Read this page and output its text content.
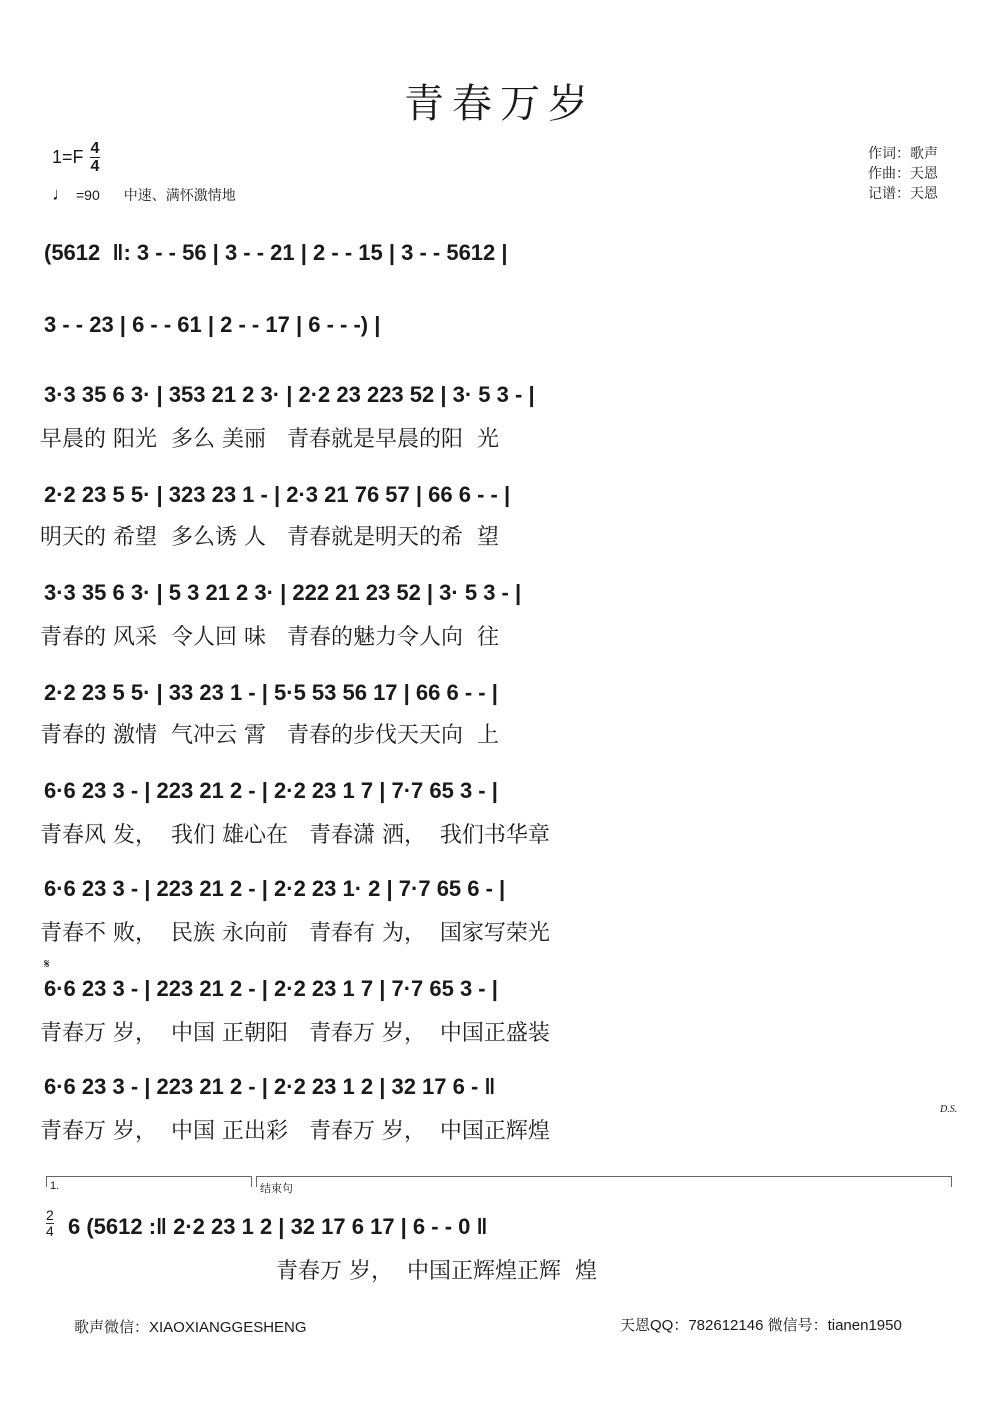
青春万岁
$1=F \frac{4}{4}$
♩ =90 中速、满怀激情地
作词：歌声
作曲：天恩
记谱：天恩
(5612  ‖: 3 - - 56 | 3 - - 21 | 2 - - 15 | 3 - - 5612 |
3 - - 23 | 6 - - 61 | 2 - - 17 | 6 - - -) |
3·3 35 6 3· | 353 21 2 3· | 2·2 23 223 52 | 3· 5 3 - |
早晨的 阳光  多么 美丽   青春就是早晨的阳  光
2·2 23 5 5· | 323 23 1 - | 2·3 21 76 57 | 66 6 - - |
明天的 希望  多么诱 人   青春就是明天的希  望
3·3 35 6 3· | 5 3 21 2 3· | 222 21 23 52 | 3· 5 3 - |
青春的 风采  令人回 味   青春的魅力令人向  往
2·2 23 5 5· | 33 23 1 - | 5·5 53 56 17 | 66 6 - - |
青春的 激情  气冲云 霄   青春的步伐天天向  上
6·6 23 3 - | 223 21 2 - | 2·2 23 1 7 | 7·7 65 3 - |
青春风 发，  我们 雄心在   青春潇 洒，  我们书华章
6·6 23 3 - | 223 21 2 - | 2·2 23 1· 2 | 7·7 65 6 - |
青春不 败，  民族 永向前   青春有 为，  国家写荣光
𝄋
6·6 23 3 - | 223 21 2 - | 2·2 23 1 7 | 7·7 65 3 - |
青春万 岁，  中国 正朝阳   青春万 岁，  中国正盛装
6·6 23 3 - | 223 21 2 - | 2·2 23 1 2 | 32 17 6 - ‖
D.S.
青春万 岁，  中国 正出彩   青春万 岁，  中国正辉煌
1.	结束句
2
4 6 (5612 :‖ 2·2 23 1 2 | 32 17 6 17 | 6 - - 0 ‖
青春万 岁，  中国正辉煌正辉  煌
歌声微信：XIAOXIANGGESHENG	天恩QQ：782612146 微信号：tianen1950
